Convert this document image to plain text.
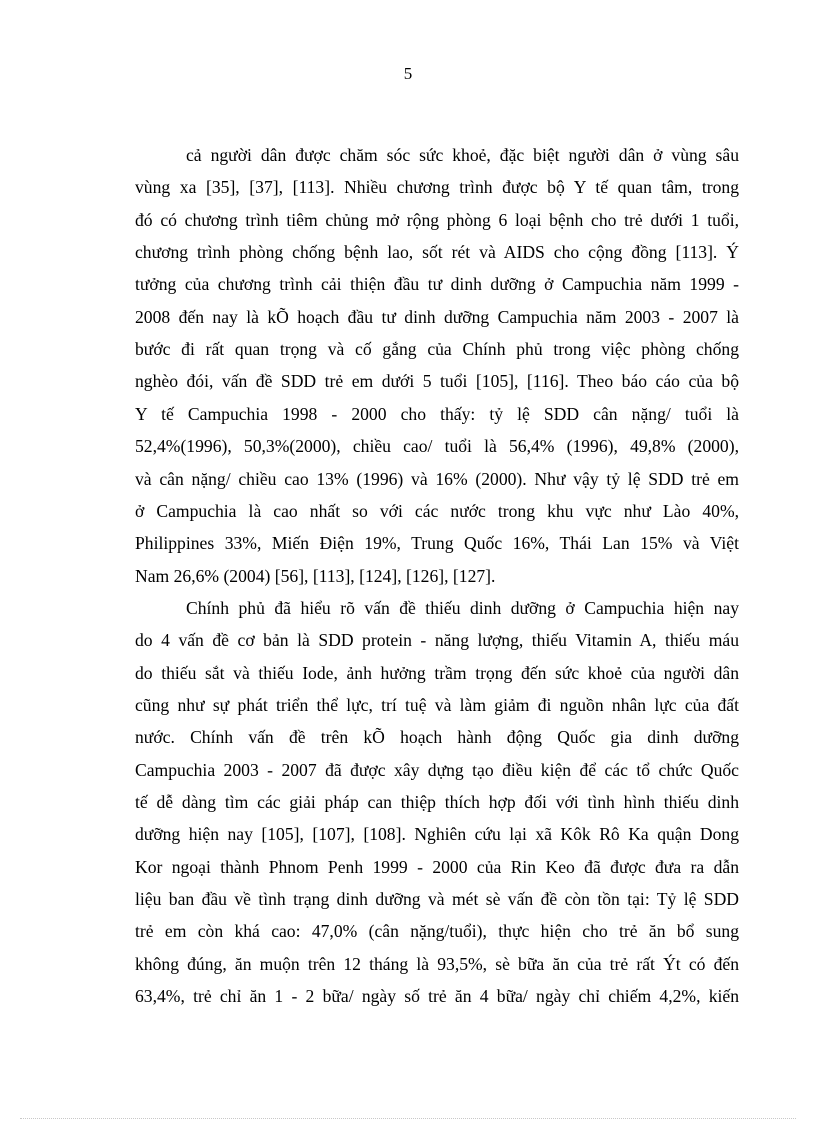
5
cả người dân được chăm sóc sức khoẻ, đặc biệt người dân ở vùng sâu
vùng xa [35], [37], [113]. Nhiều chương trình được bộ Y tế quan tâm, trong
đó có chương trình tiêm chủng mở rộng phòng 6 loại bệnh cho trẻ dưới 1 tuổi,
chương trình phòng chống bệnh lao, sốt rét và AIDS cho cộng đồng [113]. Ý
tưởng của chương trình cải thiện đầu tư dinh dưỡng ở Campuchia năm 1999 -
2008 đến nay là kÕ hoạch đầu tư dinh dưỡng Campuchia năm 2003 - 2007 là
bước đi rất quan trọng và cố gắng của Chính phủ trong việc phòng chống
nghèo đói, vấn đề SDD trẻ em dưới 5 tuổi [105], [116]. Theo báo cáo của bộ
Y tế Campuchia 1998 - 2000 cho thấy: tỷ lệ SDD cân nặng/ tuổi là
52,4%(1996), 50,3%(2000), chiều cao/ tuổi là 56,4% (1996), 49,8% (2000),
và cân nặng/ chiều cao 13% (1996) và 16% (2000). Như vậy tỷ lệ SDD trẻ em
ở Campuchia là cao nhất so với các nước trong khu vực như Lào 40%,
Philippines 33%, Miến Điện 19%, Trung Quốc 16%, Thái Lan 15% và Việt
Nam 26,6% (2004) [56], [113], [124], [126], [127].
Chính phủ đã hiểu rõ vấn đề thiếu dinh dưỡng ở Campuchia hiện nay
do 4 vấn đề cơ bản là SDD protein - năng lượng, thiếu Vitamin A, thiếu máu
do thiếu sắt và thiếu Iode, ảnh hưởng trầm trọng đến sức khoẻ của người dân
cũng như sự phát triển thể lực, trí tuệ và làm giảm đi nguồn nhân lực của đất
nước. Chính vấn đề trên kÕ hoạch hành động Quốc gia dinh dưỡng
Campuchia 2003 - 2007 đã được xây dựng tạo điều kiện để các tổ chức Quốc
tế dễ dàng tìm các giải pháp can thiệp thích hợp đối với tình hình thiếu dinh
dưỡng hiện nay [105], [107], [108]. Nghiên cứu lại xã Kôk Rô Ka quận Dong
Kor ngoại thành Phnom Penh 1999 - 2000 của Rin Keo đã được đưa ra dẫn
liệu ban đầu về tình trạng dinh dưỡng và mét sè vấn đề còn tồn tại: Tỷ lệ SDD
trẻ em còn khá cao: 47,0% (cân nặng/tuổi), thực hiện cho trẻ ăn bổ sung
không đúng, ăn muộn trên 12 tháng là 93,5%, sè bữa ăn của trẻ rất Ýt có đến
63,4%, trẻ chỉ ăn 1 - 2 bữa/ ngày số trẻ ăn 4 bữa/ ngày chỉ chiếm 4,2%, kiến
